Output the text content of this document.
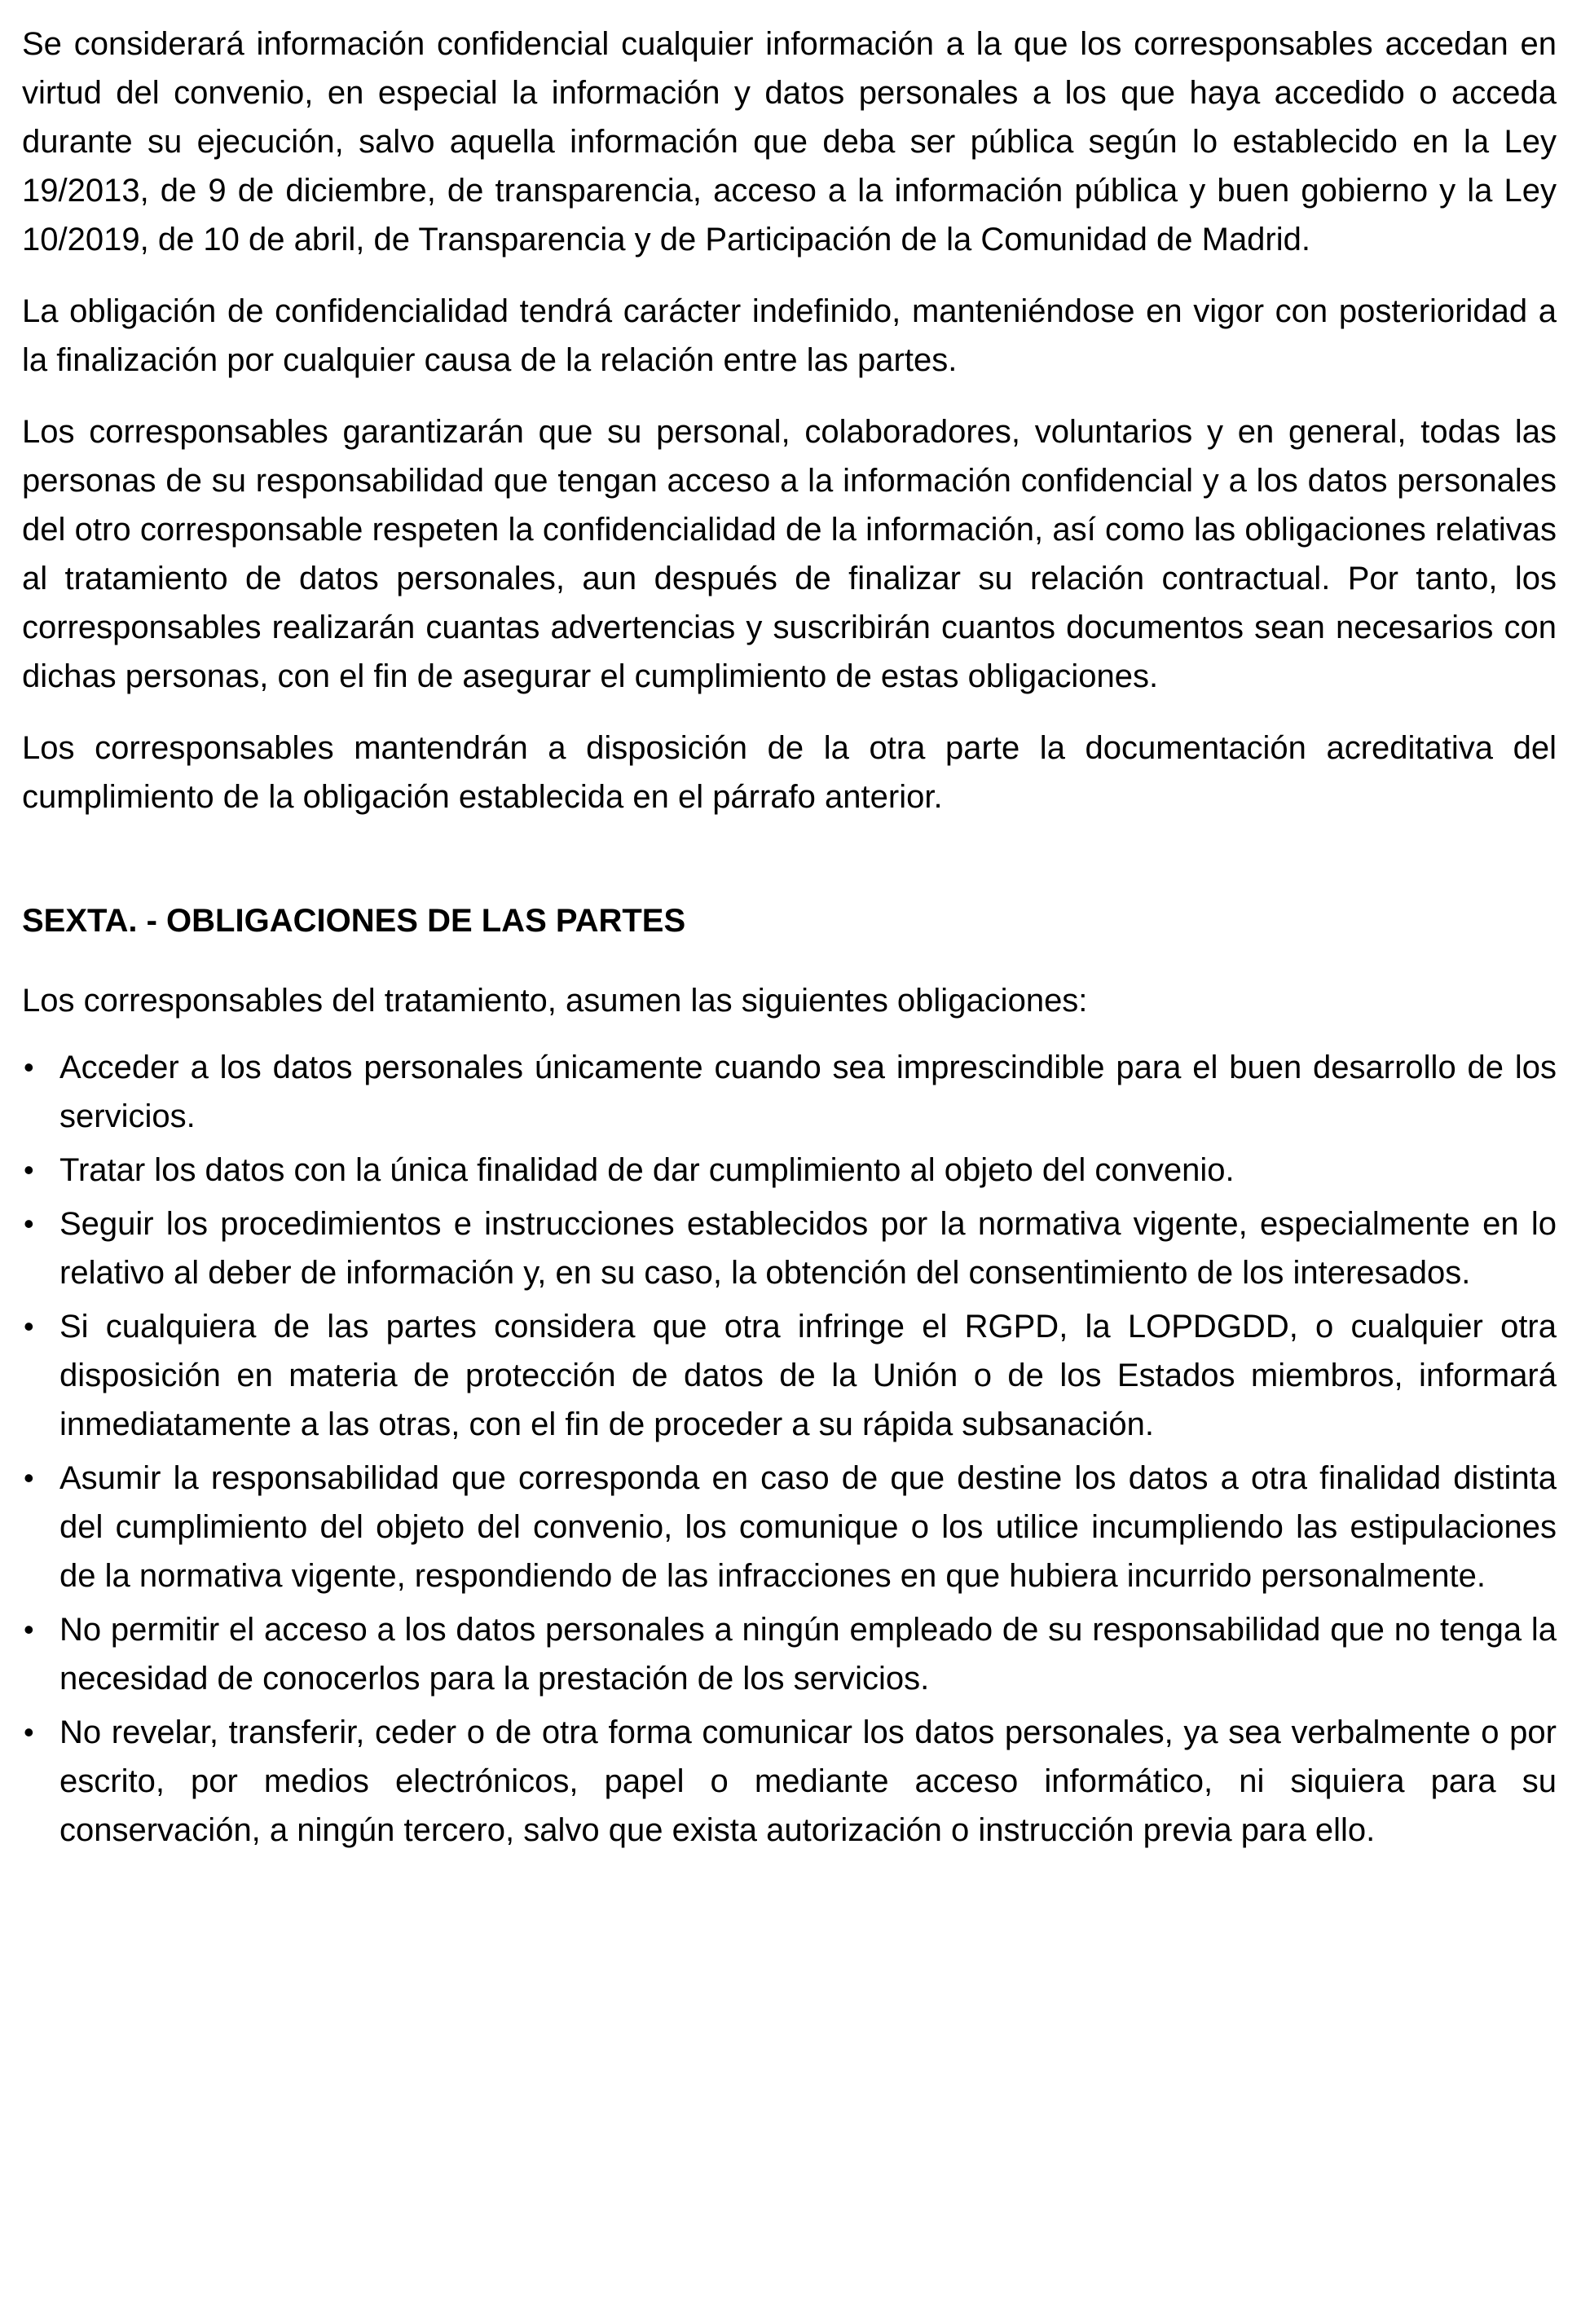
Se considerará información confidencial cualquier información a la que los corresponsables accedan en virtud del convenio, en especial la información y datos personales a los que haya accedido o acceda durante su ejecución, salvo aquella información que deba ser pública según lo establecido en la Ley 19/2013, de 9 de diciembre, de transparencia, acceso a la información pública y buen gobierno y la Ley 10/2019, de 10 de abril, de Transparencia y de Participación de la Comunidad de Madrid.

La obligación de confidencialidad tendrá carácter indefinido, manteniéndose en vigor con posterioridad a la finalización por cualquier causa de la relación entre las partes.

Los corresponsables garantizarán que su personal, colaboradores, voluntarios y en general, todas las personas de su responsabilidad que tengan acceso a la información confidencial y a los datos personales del otro corresponsable respeten la confidencialidad de la información, así como las obligaciones relativas al tratamiento de datos personales, aun después de finalizar su relación contractual. Por tanto, los corresponsables realizarán cuantas advertencias y suscribirán cuantos documentos sean necesarios con dichas personas, con el fin de asegurar el cumplimiento de estas obligaciones.

Los corresponsables mantendrán a disposición de la otra parte la documentación acreditativa del cumplimiento de la obligación establecida en el párrafo anterior.

SEXTA. - OBLIGACIONES DE LAS PARTES

Los corresponsables del tratamiento, asumen las siguientes obligaciones:

• Acceder a los datos personales únicamente cuando sea imprescindible para el buen desarrollo de los servicios.
• Tratar los datos con la única finalidad de dar cumplimiento al objeto del convenio.
• Seguir los procedimientos e instrucciones establecidos por la normativa vigente, especialmente en lo relativo al deber de información y, en su caso, la obtención del consentimiento de los interesados.
• Si cualquiera de las partes considera que otra infringe el RGPD, la LOPDGDD, o cualquier otra disposición en materia de protección de datos de la Unión o de los Estados miembros, informará inmediatamente a las otras, con el fin de proceder a su rápida subsanación.
• Asumir la responsabilidad que corresponda en caso de que destine los datos a otra finalidad distinta del cumplimiento del objeto del convenio, los comunique o los utilice incumpliendo las estipulaciones de la normativa vigente, respondiendo de las infracciones en que hubiera incurrido personalmente.
• No permitir el acceso a los datos personales a ningún empleado de su responsabilidad que no tenga la necesidad de conocerlos para la prestación de los servicios.
• No revelar, transferir, ceder o de otra forma comunicar los datos personales, ya sea verbalmente o por escrito, por medios electrónicos, papel o mediante acceso informático, ni siquiera para su conservación, a ningún tercero, salvo que exista autorización o instrucción previa para ello.
